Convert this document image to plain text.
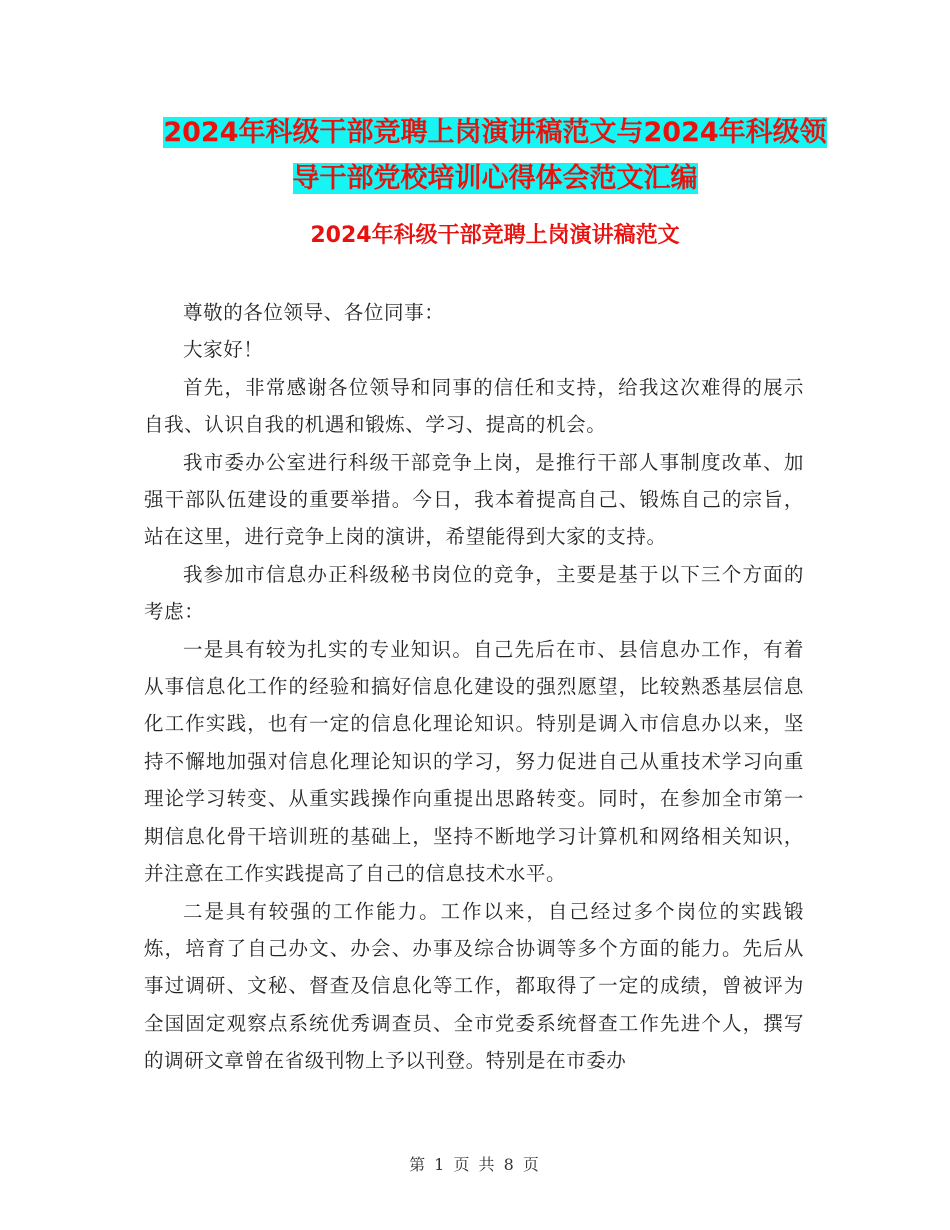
2024年科级干部竞聘上岗演讲稿范文与2024年科级领
导干部党校培训心得体会范文汇编
2024年科级干部竞聘上岗演讲稿范文

尊敬的各位领导、各位同事：

大家好！

首先，非常感谢各位领导和同事的信任和支持，给我这次难得的展示自我、认识自我的机遇和锻炼、学习、提高的机会。

我市委办公室进行科级干部竞争上岗，是推行干部人事制度改革、加强干部队伍建设的重要举措。今日，我本着提高自己、锻炼自己的宗旨，站在这里，进行竞争上岗的演讲，希望能得到大家的支持。

我参加市信息办正科级秘书岗位的竞争，主要是基于以下三个方面的考虑：

一是具有较为扎实的专业知识。自己先后在市、县信息办工作，有着从事信息化工作的经验和搞好信息化建设的强烈愿望，比较熟悉基层信息化工作实践，也有一定的信息化理论知识。特别是调入市信息办以来，坚持不懈地加强对信息化理论知识的学习，努力促进自己从重技术学习向重理论学习转变、从重实践操作向重提出思路转变。同时，在参加全市第一期信息化骨干培训班的基础上，坚持不断地学习计算机和网络相关知识，并注意在工作实践提高了自己的信息技术水平。

二是具有较强的工作能力。工作以来，自己经过多个岗位的实践锻炼，培育了自己办文、办会、办事及综合协调等多个方面的能力。先后从事过调研、文秘、督查及信息化等工作，都取得了一定的成绩，曾被评为全国固定观察点系统优秀调查员、全市党委系统督查工作先进个人，撰写的调研文章曾在省级刊物上予以刊登。特别是在市委办

第 1 页 共 8 页
